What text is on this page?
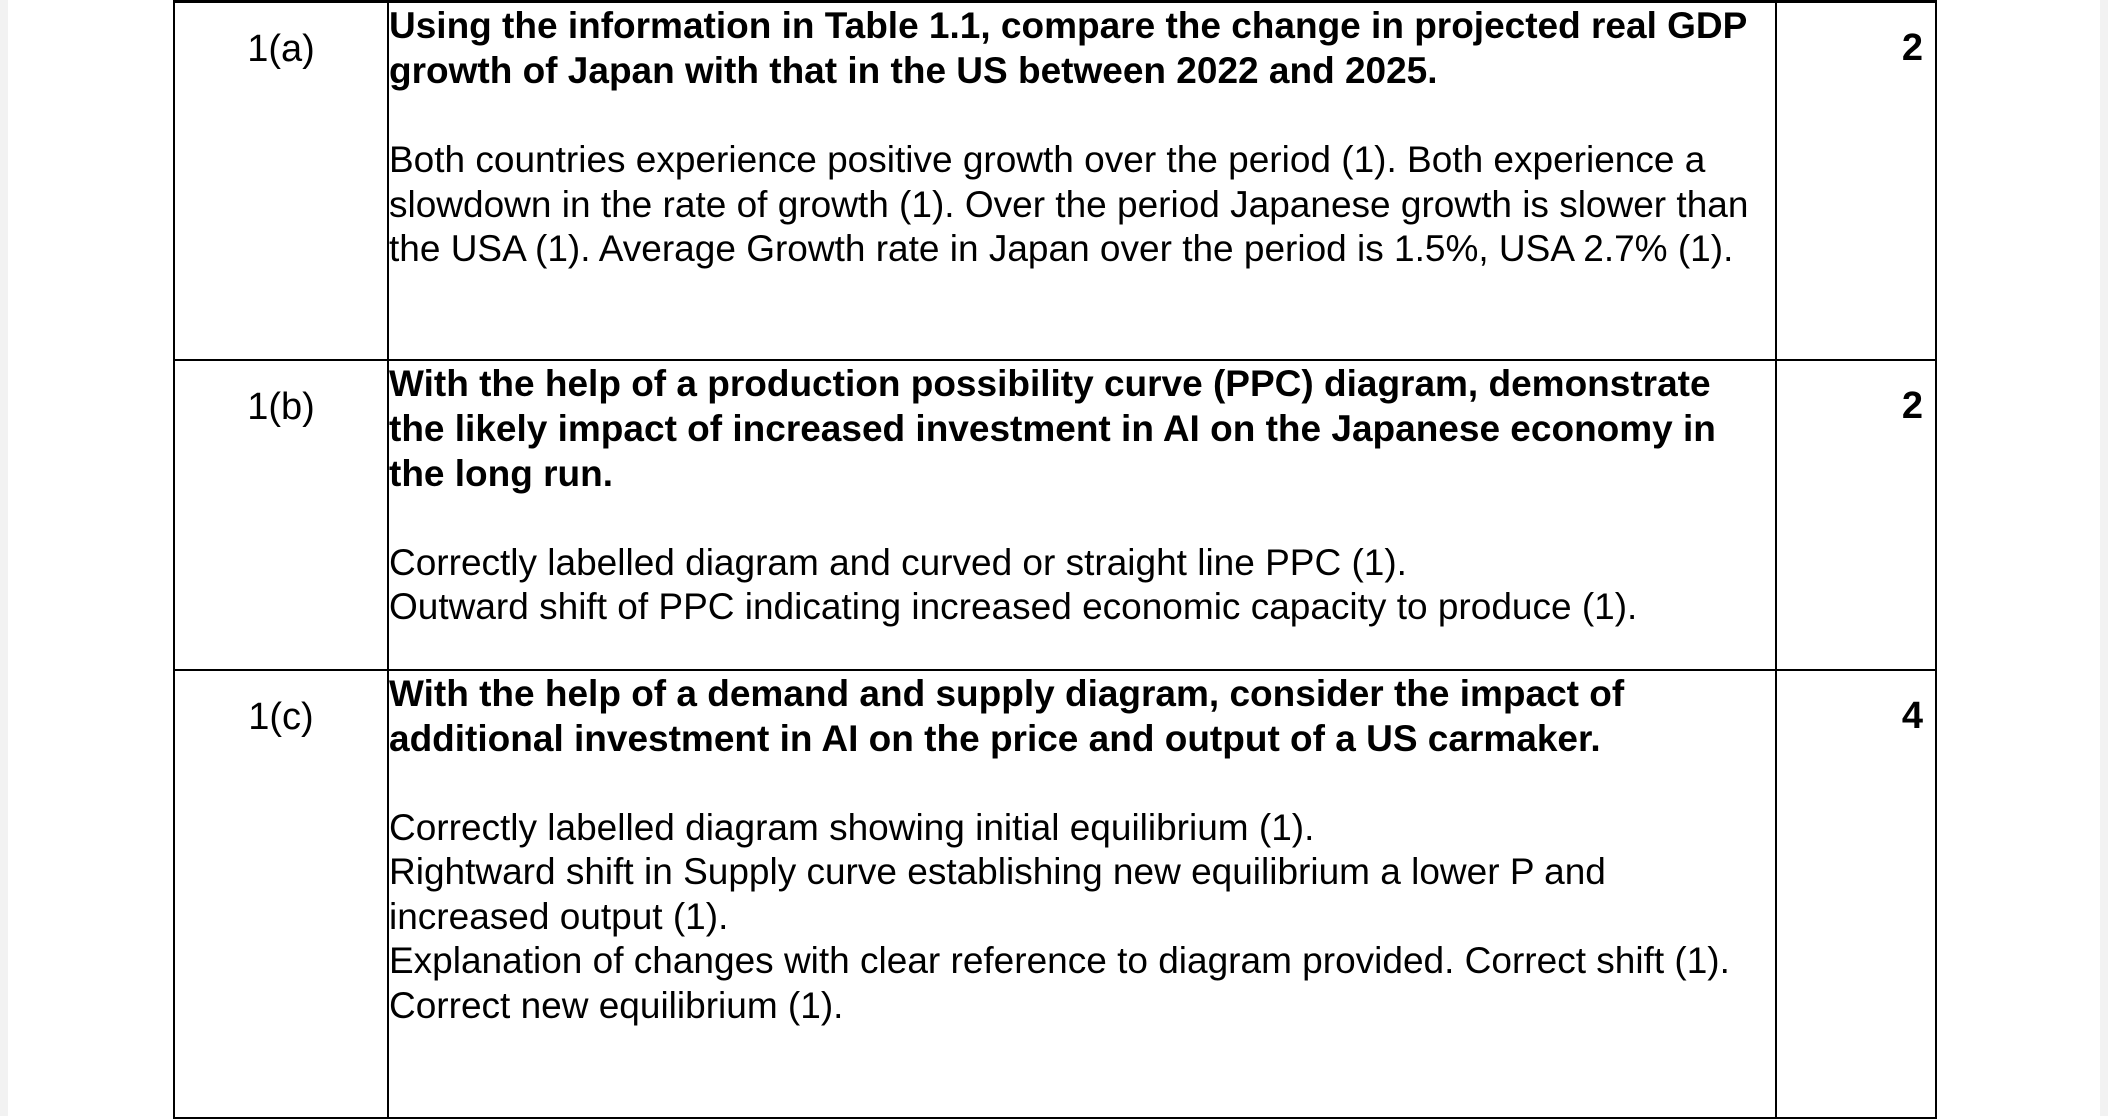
1(a)	Using the information in Table 1.1, compare the change in projected real GDP growth of Japan with that in the US between 2022 and 2025.

Both countries experience positive growth over the period (1). Both experience a slowdown in the rate of growth (1). Over the period Japanese growth is slower than the USA (1). Average Growth rate in Japan over the period is 1.5%, USA 2.7% (1).	2

1(b)	With the help of a production possibility curve (PPC) diagram, demonstrate the likely impact of increased investment in AI on the Japanese economy in the long run.

Correctly labelled diagram and curved or straight line PPC (1).
Outward shift of PPC indicating increased economic capacity to produce (1).	2

1(c)	With the help of a demand and supply diagram, consider the impact of additional investment in AI on the price and output of a US carmaker.

Correctly labelled diagram showing initial equilibrium (1).
Rightward shift in Supply curve establishing new equilibrium a lower P and increased output (1).
Explanation of changes with clear reference to diagram provided. Correct shift (1).
Correct new equilibrium (1).	4
